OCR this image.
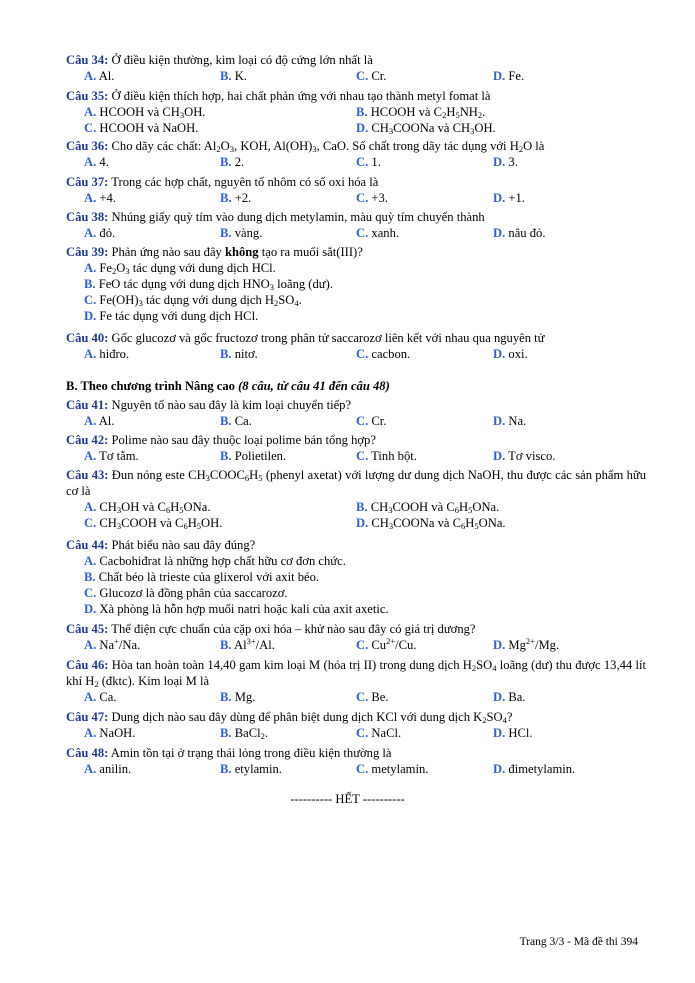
Câu 34: Ở điều kiện thường, kim loại có độ cứng lớn nhất là
A. Al.	B. K.	C. Cr.	D. Fe.
Câu 35: Ở điều kiện thích hợp, hai chất phản ứng với nhau tạo thành metyl fomat là
A. HCOOH và $CH_3OH$.	B. HCOOH và $C_2H_5NH_2$.
C. HCOOH và NaOH.	D. $CH_3COONa$ và $CH_3OH$.
Câu 36: Cho dãy các chất: $Al_2O_3$, KOH, $Al(OH)_3$, CaO. Số chất trong dãy tác dụng với $H_2O$ là
A. 4.	B. 2.	C. 1.	D. 3.
Câu 37: Trong các hợp chất, nguyên tố nhôm có số oxi hóa là
A. +4.	B. +2.	C. +3.	D. +1.
Câu 38: Nhúng giấy quỳ tím vào dung dịch metylamin, màu quỳ tím chuyển thành
A. đỏ.	B. vàng.	C. xanh.	D. nâu đỏ.
Câu 39: Phản ứng nào sau đây không tạo ra muối sắt(III)?
A. $Fe_2O_3$ tác dụng với dung dịch HCl.
B. FeO tác dụng với dung dịch $HNO_3$ loãng (dư).
C. $Fe(OH)_3$ tác dụng với dung dịch $H_2SO_4$.
D. Fe tác dụng với dung dịch HCl.
Câu 40: Gốc glucozơ và gốc fructozơ trong phân tử saccarozơ liên kết với nhau qua nguyên tử
A. hiđro.	B. nitơ.	C. cacbon.	D. oxi.
Câu 41: Nguyên tố nào sau đây là kim loại chuyển tiếp?
A. Al.	B. Ca.	C. Cr.	D. Na.
Câu 42: Polime nào sau đây thuộc loại polime bán tổng hợp?
A. Tơ tằm.	B. Polietilen.	C. Tinh bột.	D. Tơ visco.
Câu 43: Đun nóng este $CH_3COOC_6H_5$ (phenyl axetat) với lượng dư dung dịch NaOH, thu được các sản phẩm hữu cơ là
A. $CH_3OH$ và $C_6H_5ONa$.	B. $CH_3COOH$ và $C_6H_5ONa$.
C. $CH_3COOH$ và $C_6H_5OH$.	D. $CH_3COONa$ và $C_6H_5ONa$.
Câu 44: Phát biểu nào sau đây đúng?
A. Cacbohiđrat là những hợp chất hữu cơ đơn chức.
B. Chất béo là trieste của glixerol với axit béo.
C. Glucozơ là đồng phân của saccarozơ.
D. Xà phòng là hỗn hợp muối natri hoặc kali của axit axetic.
Câu 45: Thế điện cực chuẩn của cặp oxi hóa – khử nào sau đây có giá trị dương?
A. Na+/Na.	B. $Al^{3+}/Al$.	C. $Cu^{2+}/Cu$.	D. $Mg^{2+}/Mg$.
Câu 46: Hòa tan hoàn toàn 14,40 gam kim loại M (hóa trị II) trong dung dịch $H_2SO_4$ loãng (dư) thu được 13,44 lít khí $H_2$ (đktc). Kim loại M là
A. Ca.	B. Mg.	C. Be.	D. Ba.
Câu 47: Dung dịch nào sau đây dùng để phân biệt dung dịch KCl với dung dịch $K_2SO_4$?
A. NaOH.	B. BaCl$_2$.	C. NaCl.	D. HCl.
Câu 48: Amin tồn tại ở trạng thái lỏng trong điều kiện thường là
A. anilin.	B. etylamin.	C. metylamin.	D. đimetylamin.
B. Theo chương trình Nâng cao (8 câu, từ câu 41 đến câu 48)
---------- HẾT ----------
Trang 3/3 - Mã đề thi 394
